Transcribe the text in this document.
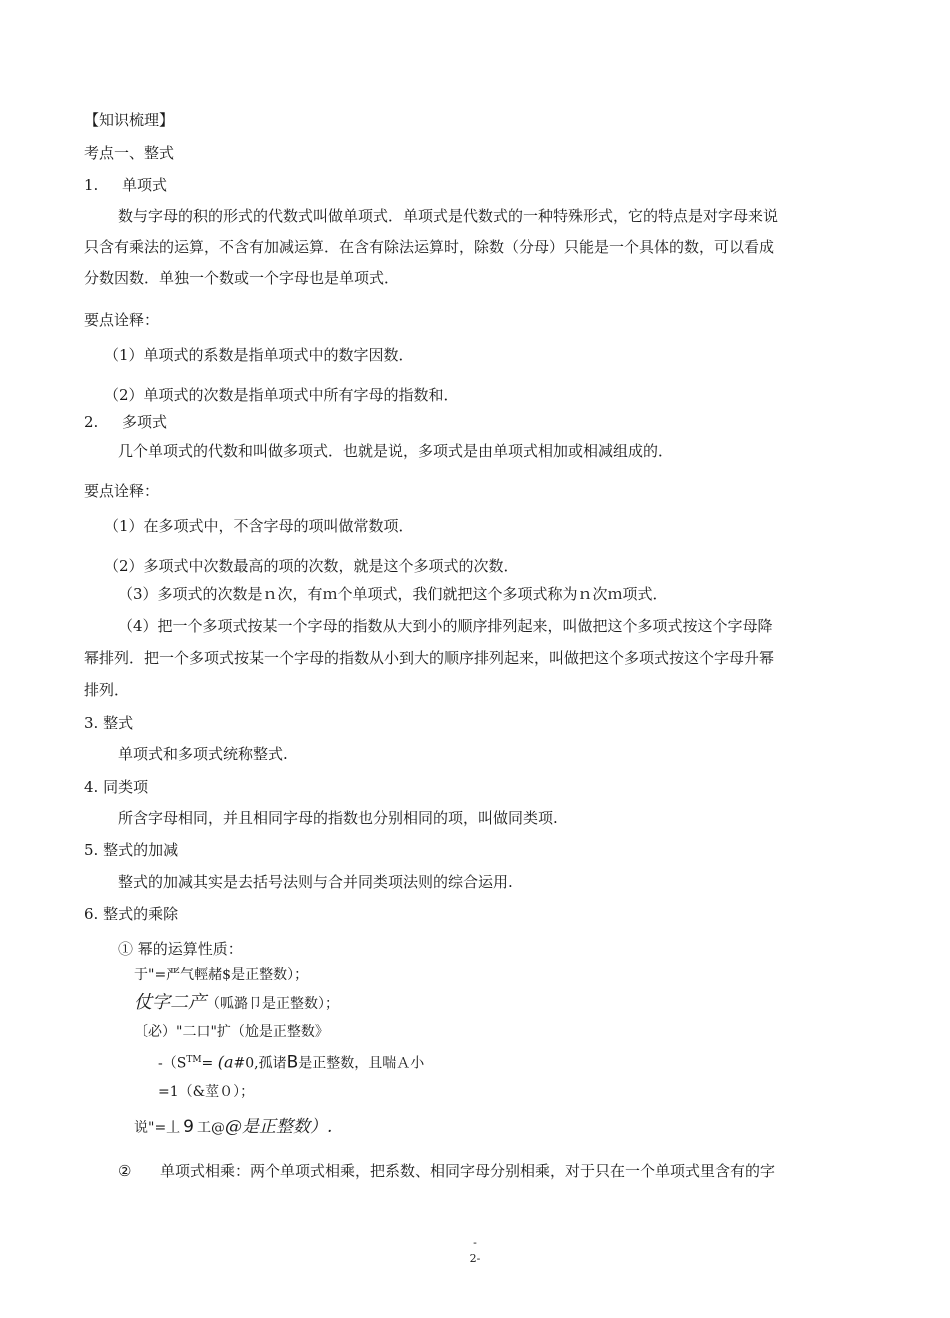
【知识梳理】
考点一、整式
1. 单项式
数与字母的积的形式的代数式叫做单项式．单项式是代数式的一种特殊形式，它的特点是对字母来说
只含有乘法的运算，不含有加减运算．在含有除法运算时，除数（分母）只能是一个具体的数，可以看成
分数因数．单独一个数或一个字母也是单项式．
要点诠释：
（1）单项式的系数是指单项式中的数字因数．
（2）单项式的次数是指单项式中所有字母的指数和．
2. 多项式
几个单项式的代数和叫做多项式．也就是说，多项式是由单项式相加或相减组成的．
要点诠释：
（1）在多项式中，不含字母的项叫做常数项．
（2）多项式中次数最高的项的次数，就是这个多项式的次数．
（3）多项式的次数是ｎ次，有ｍ个单项式，我们就把这个多项式称为ｎ次ｍ项式．
（4）把一个多项式按某一个字母的指数从大到小的顺序排列起来，叫做把这个多项式按这个字母降
幂排列．把一个多项式按某一个字母的指数从小到大的顺序排列起来，叫做把这个多项式按这个字母升幂
排列．
3. 整式
单项式和多项式统称整式.
4. 同类项
所含字母相同，并且相同字母的指数也分别相同的项，叫做同类项.
5. 整式的加减
整式的加减其实是去括号法则与合并同类项法则的综合运用.
6. 整式的乘除
① 幂的运算性质：
于"=严气輕赭$是正整数）；
仗字二产（呱潞卩是正整数）；
〔必）"二口"扩（尬是正整数》
-（S™= (a#0,孤诸B是正整数，且喘Ａ小
=1（&莖０）；
说"=丄 9 工@@是正整数）.
② 单项式相乘：两个单项式相乘，把系数、相同字母分别相乘，对于只在一个单项式里含有的字
-
2-
